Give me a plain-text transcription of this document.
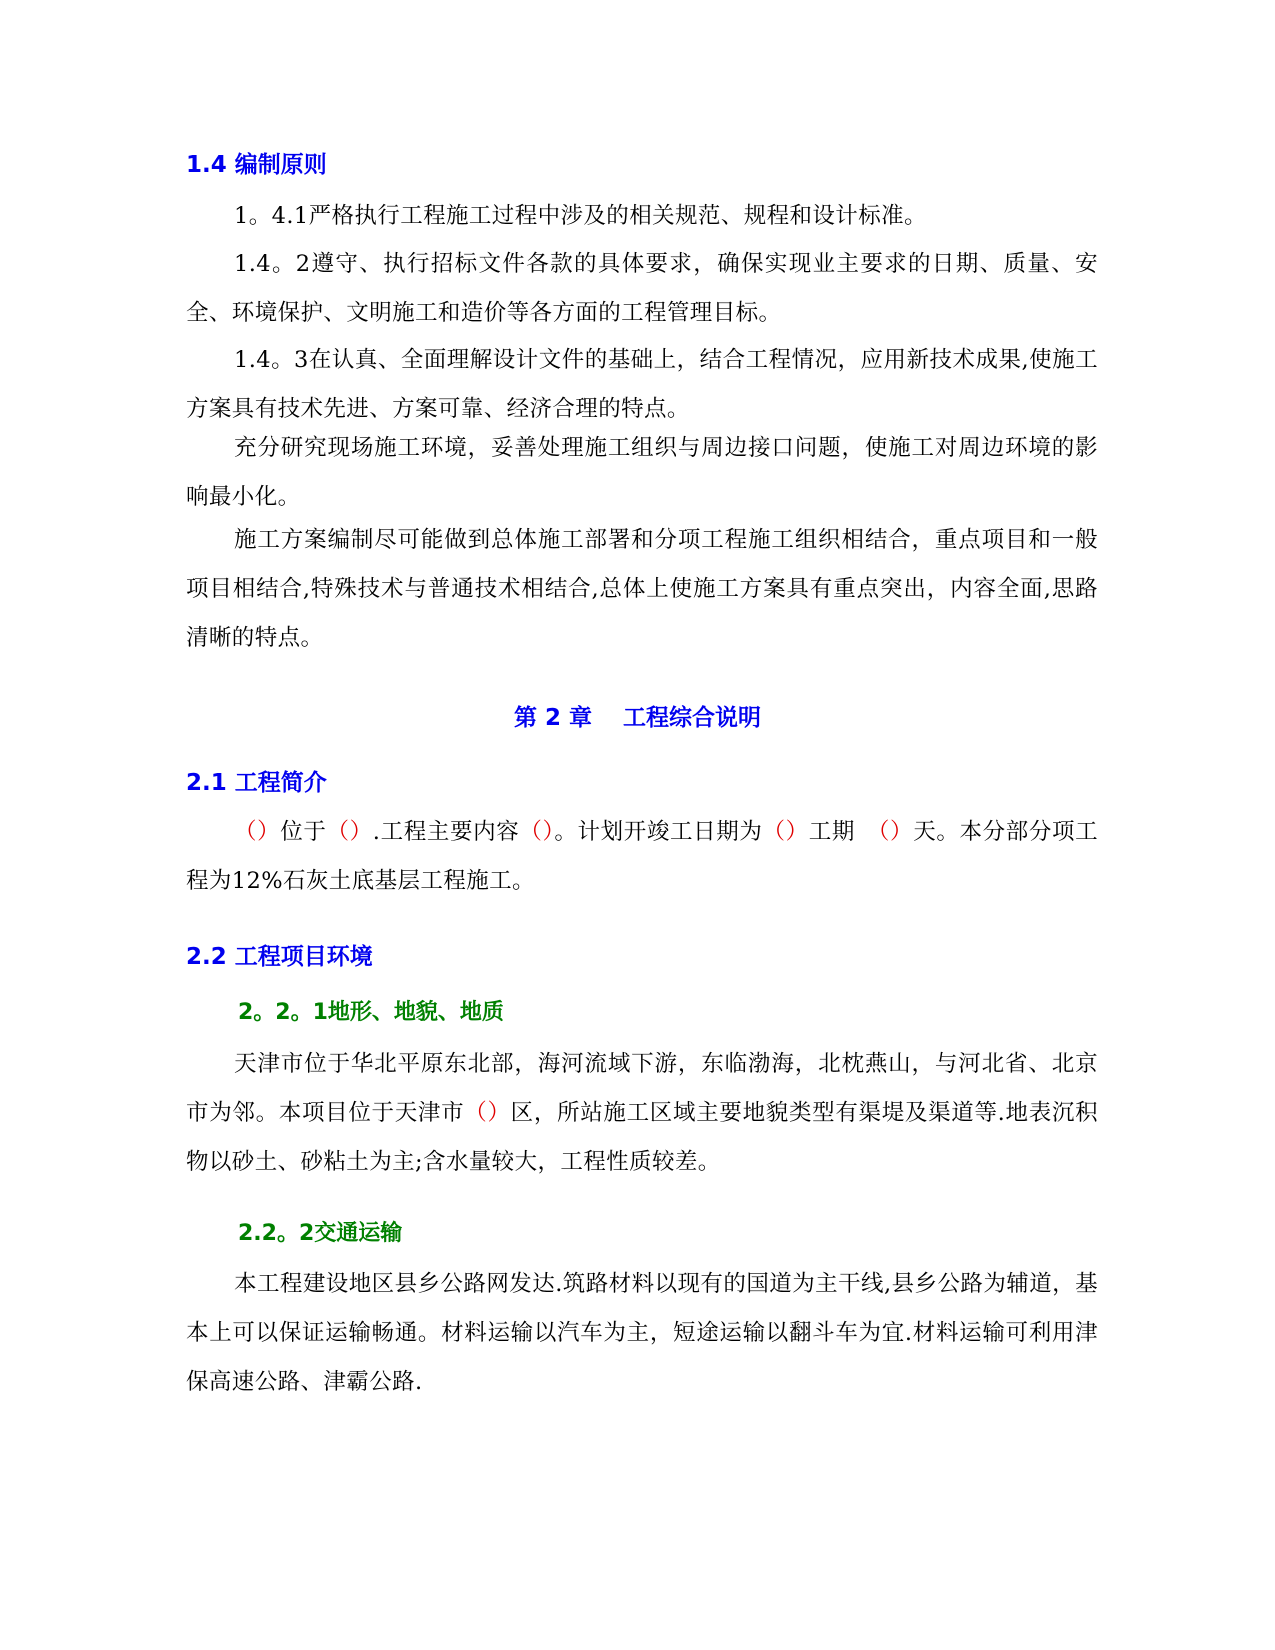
1.4 编制原则
1。4.1严格执行工程施工过程中涉及的相关规范、规程和设计标准。
1.4。2遵守、执行招标文件各款的具体要求，确保实现业主要求的日期、质量、安全、环境保护、文明施工和造价等各方面的工程管理目标。
1.4。3在认真、全面理解设计文件的基础上，结合工程情况，应用新技术成果,使施工方案具有技术先进、方案可靠、经济合理的特点。
充分研究现场施工环境，妥善处理施工组织与周边接口问题，使施工对周边环境的影响最小化。
施工方案编制尽可能做到总体施工部署和分项工程施工组织相结合，重点项目和一般项目相结合,特殊技术与普通技术相结合,总体上使施工方案具有重点突出，内容全面,思路清晰的特点。
第 2 章　 工程综合说明
2.1 工程简介
（）位于（）.工程主要内容（）。计划开竣工日期为（）工期　（）天。本分部分项工程为12%石灰土底基层工程施工。
2.2 工程项目环境
2。2。1地形、地貌、地质
天津市位于华北平原东北部，海河流域下游，东临渤海，北枕燕山，与河北省、北京市为邻。本项目位于天津市（）区，所站施工区域主要地貌类型有渠堤及渠道等.地表沉积物以砂土、砂粘土为主;含水量较大，工程性质较差。
2.2。2交通运输
本工程建设地区县乡公路网发达.筑路材料以现有的国道为主干线,县乡公路为辅道，基本上可以保证运输畅通。材料运输以汽车为主，短途运输以翻斗车为宜.材料运输可利用津保高速公路、津霸公路.
